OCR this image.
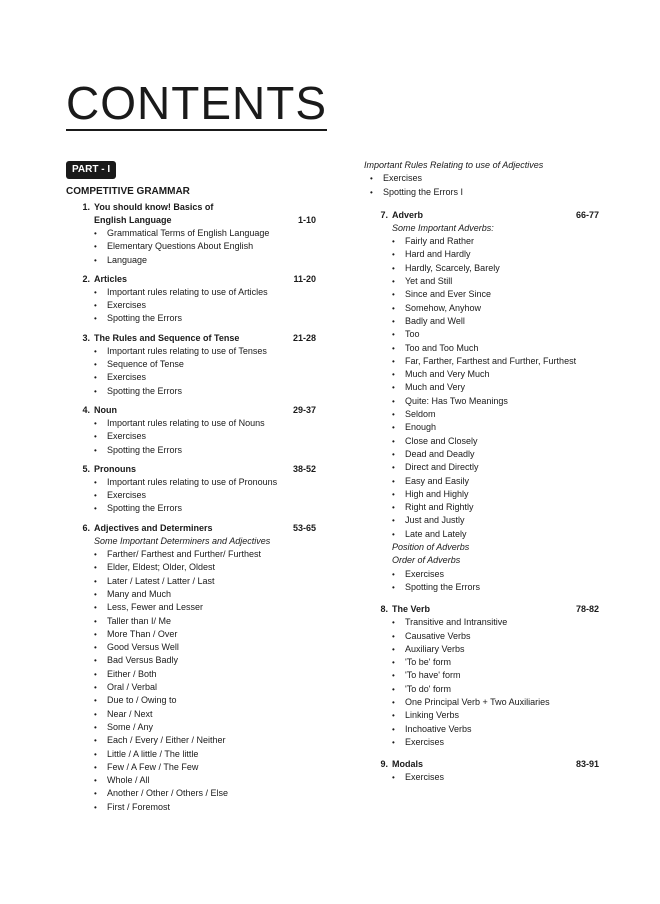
CONTENTS
PART - I
COMPETITIVE GRAMMAR
1. You should know! Basics of
English Language	1-10
• Grammatical Terms of English Language
• Elementary Questions About English
• Language
2. Articles	11-20
• Important rules relating to use of Articles
• Exercises
• Spotting the Errors
3. The Rules and Sequence of Tense	21-28
• Important rules relating to use of Tenses
• Sequence of Tense
• Exercises
• Spotting the Errors
4. Noun	29-37
• Important rules relating to use of Nouns
• Exercises
• Spotting the Errors
5. Pronouns	38-52
• Important rules relating to use of Pronouns
• Exercises
• Spotting the Errors
6. Adjectives and Determiners	53-65
Some Important Determiners and Adjectives
• Farther/ Farthest and Further/ Furthest
• Elder, Eldest; Older, Oldest
• Later / Latest / Latter / Last
• Many and Much
• Less, Fewer and Lesser
• Taller than I/ Me
• More Than / Over
• Good Versus Well
• Bad Versus Badly
• Either / Both
• Oral / Verbal
• Due to / Owing to
• Near / Next
• Some / Any
• Each / Every / Either / Neither
• Little / A little / The little
• Few / A Few / The Few
• Whole / All
• Another / Other / Others / Else
• First / Foremost
Important Rules Relating to use of Adjectives
• Exercises
• Spotting the Errors I
7. Adverb	66-77
Some Important Adverbs:
• Fairly and Rather
• Hard and Hardly
• Hardly, Scarcely, Barely
• Yet and Still
• Since and Ever Since
• Somehow, Anyhow
• Badly and Well
• Too
• Too and Too Much
• Far, Farther, Farthest and Further, Furthest
• Much and Very Much
• Much and Very
• Quite: Has Two Meanings
• Seldom
• Enough
• Close and Closely
• Dead and Deadly
• Direct and Directly
• Easy and Easily
• High and Highly
• Right and Rightly
• Just and Justly
• Late and Lately
Position of Adverbs
Order of Adverbs
• Exercises
• Spotting the Errors
8. The Verb	78-82
• Transitive and Intransitive
• Causative Verbs
• Auxiliary Verbs
• 'To be' form
• 'To have' form
• 'To do' form
• One Principal Verb + Two Auxiliaries
• Linking Verbs
• Inchoative Verbs
• Exercises
9. Modals	83-91
• Exercises
